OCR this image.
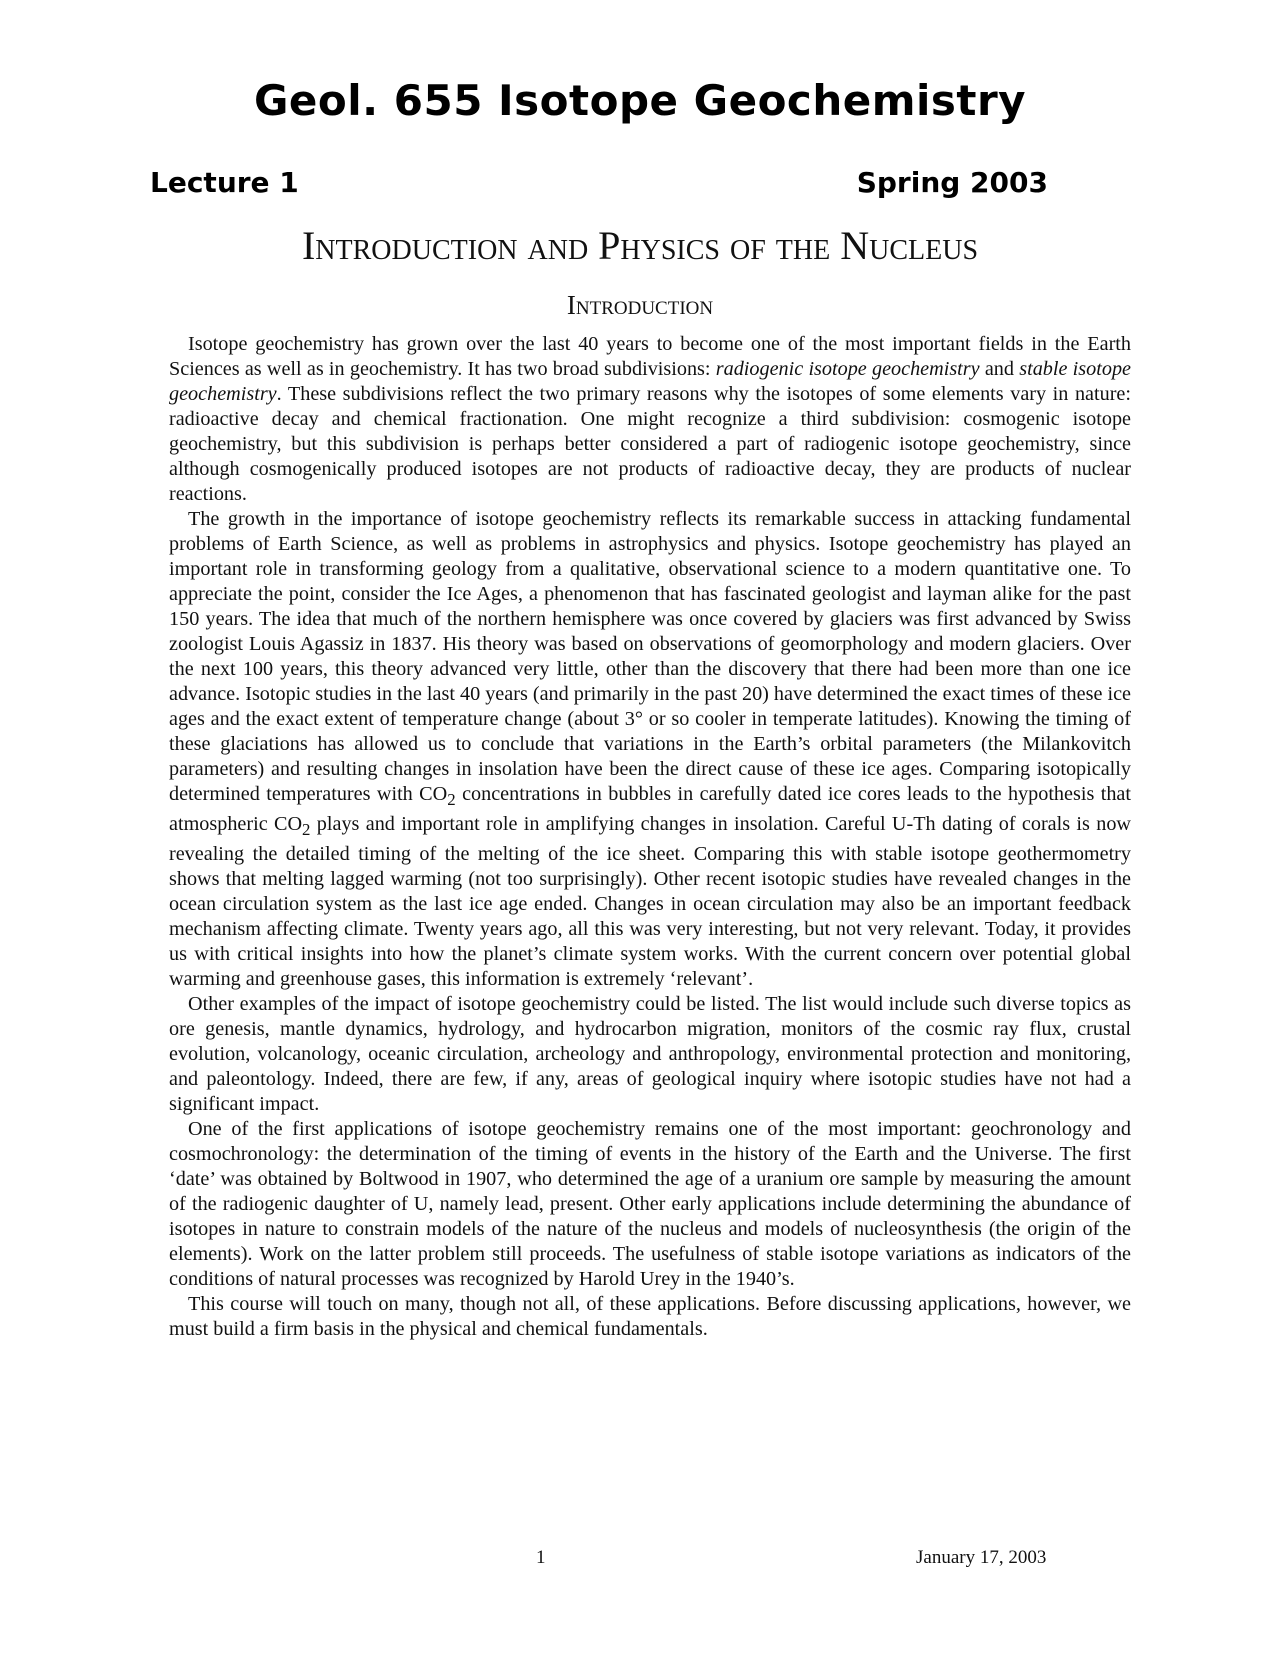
Geol. 655 Isotope Geochemistry
Lecture 1	Spring 2003
Introduction and Physics of the Nucleus
Introduction

Isotope geochemistry has grown over the last 40 years to become one of the most important fields in the Earth Sciences as well as in geochemistry. It has two broad subdivisions: radiogenic isotope geochemistry and stable isotope geochemistry. These subdivisions reflect the two primary reasons why the isotopes of some elements vary in nature: radioactive decay and chemical fractionation. One might recognize a third subdivision: cosmogenic isotope geochemistry, but this subdivision is perhaps better considered a part of radiogenic isotope geochemistry, since although cosmogenically produced isotopes are not products of radioactive decay, they are products of nuclear reactions.

The growth in the importance of isotope geochemistry reflects its remarkable success in attacking fundamental problems of Earth Science, as well as problems in astrophysics and physics. Isotope geochemistry has played an important role in transforming geology from a qualitative, observational science to a modern quantitative one. To appreciate the point, consider the Ice Ages, a phenomenon that has fascinated geologist and layman alike for the past 150 years. The idea that much of the northern hemisphere was once covered by glaciers was first advanced by Swiss zoologist Louis Agassiz in 1837. His theory was based on observations of geomorphology and modern glaciers. Over the next 100 years, this theory advanced very little, other than the discovery that there had been more than one ice advance. Isotopic studies in the last 40 years (and primarily in the past 20) have determined the exact times of these ice ages and the exact extent of temperature change (about 3° or so cooler in temperate latitudes). Knowing the timing of these glaciations has allowed us to conclude that variations in the Earth’s orbital parameters (the Milankovitch parameters) and resulting changes in insolation have been the direct cause of these ice ages. Comparing isotopically determined temperatures with $CO_2$ concentrations in bubbles in carefully dated ice cores leads to the hypothesis that atmospheric $CO_2$ plays and important role in amplifying changes in insolation. Careful U-Th dating of corals is now revealing the detailed timing of the melting of the ice sheet. Comparing this with stable isotope geothermometry shows that melting lagged warming (not too surprisingly). Other recent isotopic studies have revealed changes in the ocean circulation system as the last ice age ended. Changes in ocean circulation may also be an important feedback mechanism affecting climate. Twenty years ago, all this was very interesting, but not very relevant. Today, it provides us with critical insights into how the planet’s climate system works. With the current concern over potential global warming and greenhouse gases, this information is extremely ‘relevant’.

Other examples of the impact of isotope geochemistry could be listed. The list would include such diverse topics as ore genesis, mantle dynamics, hydrology, and hydrocarbon migration, monitors of the cosmic ray flux, crustal evolution, volcanology, oceanic circulation, archeology and anthropology, environmental protection and monitoring, and paleontology. Indeed, there are few, if any, areas of geological inquiry where isotopic studies have not had a significant impact.

One of the first applications of isotope geochemistry remains one of the most important: geochronology and cosmochronology: the determination of the timing of events in the history of the Earth and the Universe. The first ‘date’ was obtained by Boltwood in 1907, who determined the age of a uranium ore sample by measuring the amount of the radiogenic daughter of U, namely lead, present. Other early applications include determining the abundance of isotopes in nature to constrain models of the nature of the nucleus and models of nucleosynthesis (the origin of the elements). Work on the latter problem still proceeds. The usefulness of stable isotope variations as indicators of the conditions of natural processes was recognized by Harold Urey in the 1940’s.

This course will touch on many, though not all, of these applications. Before discussing applications, however, we must build a firm basis in the physical and chemical fundamentals.

1	January 17, 2003
